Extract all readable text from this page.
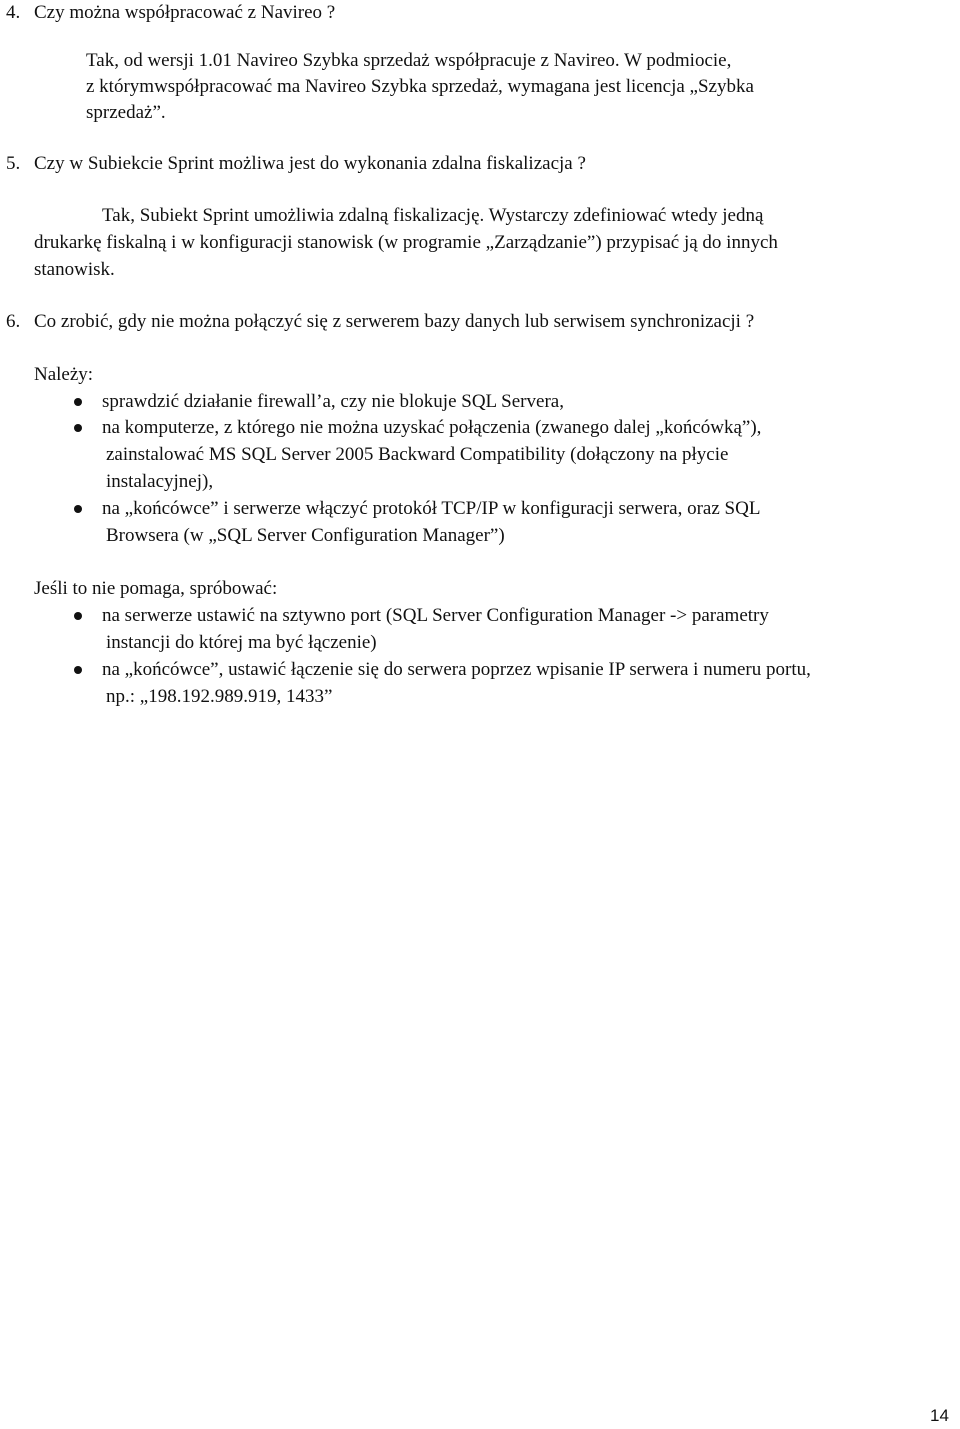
4. Czy można współpracować z Navireo ?
Tak, od wersji 1.01 Navireo Szybka sprzedaż współpracuje z Navireo. W podmiocie,
z którymwspółpracować ma Navireo Szybka sprzedaż, wymagana jest licencja „Szybka
sprzedaż”.
5. Czy w Subiekcie Sprint możliwa jest do wykonania zdalna fiskalizacja ?
Tak, Subiekt Sprint umożliwia zdalną fiskalizację. Wystarczy zdefiniować wtedy jedną
drukarkę fiskalną i w konfiguracji stanowisk (w programie „Zarządzanie”) przypisać ją do innych
stanowisk.
6. Co zrobić, gdy nie można połączyć się z serwerem bazy danych lub serwisem synchronizacji ?
Należy:
sprawdzić działanie firewall’a, czy nie blokuje SQL Servera,
na komputerze, z którego nie można uzyskać połączenia (zwanego dalej „końcówką”),
zainstalować MS SQL Server 2005 Backward Compatibility (dołączony na płycie
instalacyjnej),
na „końcówce” i serwerze włączyć protokół TCP/IP w konfiguracji serwera, oraz SQL
Browsera (w „SQL Server Configuration Manager”)
Jeśli to nie pomaga, spróbować:
na serwerze ustawić na sztywno port (SQL Server Configuration Manager -> parametry
instancji do której ma być łączenie)
na „końcówce”, ustawić łączenie się do serwera poprzez wpisanie IP serwera i numeru portu,
np.: „198.192.989.919, 1433”
14
